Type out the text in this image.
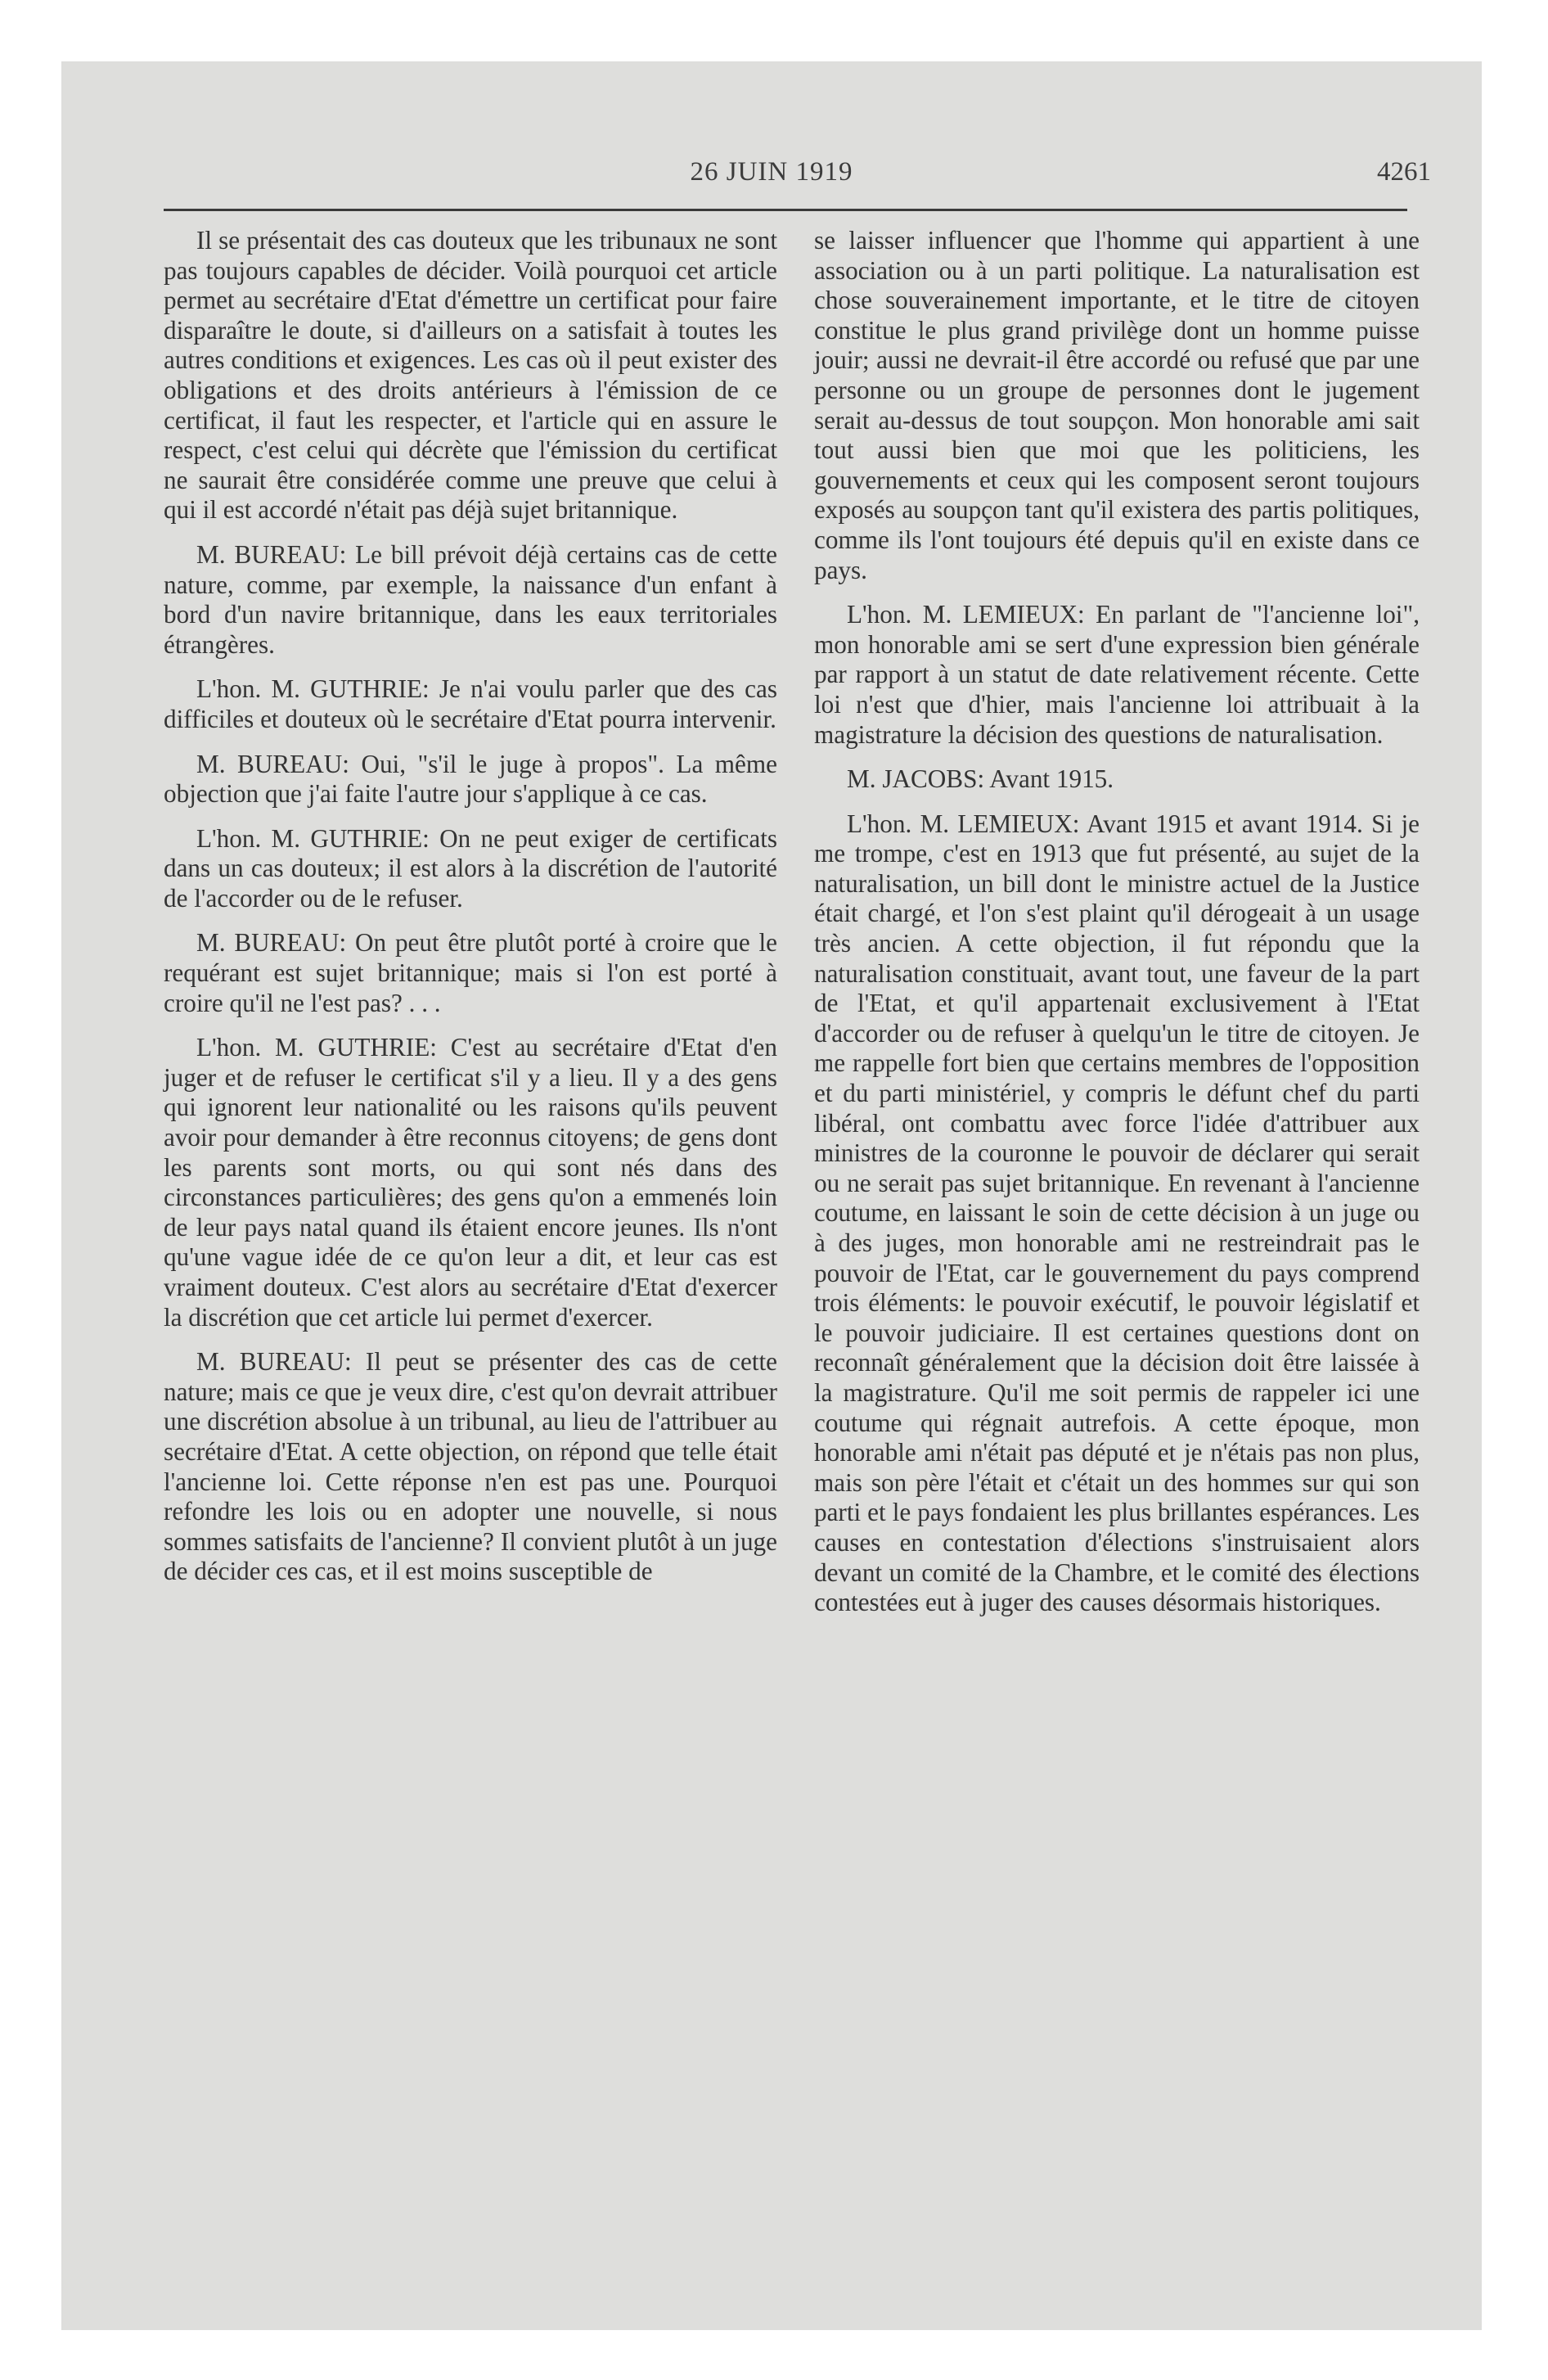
26 JUIN 1919	4261

Il se présentait des cas douteux que les tribunaux ne sont pas toujours capables de décider. Voilà pourquoi cet article permet au secrétaire d'Etat d'émettre un certificat pour faire disparaître le doute, si d'ailleurs on a satisfait à toutes les autres conditions et exigences. Les cas où il peut exister des obligations et des droits antérieurs à l'émission de ce certificat, il faut les respecter, et l'article qui en assure le respect, c'est celui qui décrète que l'émission du certificat ne saurait être considérée comme une preuve que celui à qui il est accordé n'était pas déjà sujet britannique.

M. BUREAU: Le bill prévoit déjà certains cas de cette nature, comme, par exemple, la naissance d'un enfant à bord d'un navire britannique, dans les eaux territoriales étrangères.

L'hon. M. GUTHRIE: Je n'ai voulu parler que des cas difficiles et douteux où le secrétaire d'Etat pourra intervenir.

M. BUREAU: Oui, "s'il le juge à propos". La même objection que j'ai faite l'autre jour s'applique à ce cas.

L'hon. M. GUTHRIE: On ne peut exiger de certificats dans un cas douteux; il est alors à la discrétion de l'autorité de l'accorder ou de le refuser.

M. BUREAU: On peut être plutôt porté à croire que le requérant est sujet britannique; mais si l'on est porté à croire qu'il ne l'est pas? . . .

L'hon. M. GUTHRIE: C'est au secrétaire d'Etat d'en juger et de refuser le certificat s'il y a lieu. Il y a des gens qui ignorent leur nationalité ou les raisons qu'ils peuvent avoir pour demander à être reconnus citoyens; de gens dont les parents sont morts, ou qui sont nés dans des circonstances particulières; des gens qu'on a emmenés loin de leur pays natal quand ils étaient encore jeunes. Ils n'ont qu'une vague idée de ce qu'on leur a dit, et leur cas est vraiment douteux. C'est alors au secrétaire d'Etat d'exercer la discrétion que cet article lui permet d'exercer.

M. BUREAU: Il peut se présenter des cas de cette nature; mais ce que je veux dire, c'est qu'on devrait attribuer une discrétion absolue à un tribunal, au lieu de l'attribuer au secrétaire d'Etat. A cette objection, on répond que telle était l'ancienne loi. Cette réponse n'en est pas une. Pourquoi refondre les lois ou en adopter une nouvelle, si nous sommes satisfaits de l'ancienne? Il convient plutôt à un juge de décider ces cas, et il est moins susceptible de

se laisser influencer que l'homme qui appartient à une association ou à un parti politique. La naturalisation est chose souverainement importante, et le titre de citoyen constitue le plus grand privilège dont un homme puisse jouir; aussi ne devrait-il être accordé ou refusé que par une personne ou un groupe de personnes dont le jugement serait au-dessus de tout soupçon. Mon honorable ami sait tout aussi bien que moi que les politiciens, les gouvernements et ceux qui les composent seront toujours exposés au soupçon tant qu'il existera des partis politiques, comme ils l'ont toujours été depuis qu'il en existe dans ce pays.

L'hon. M. LEMIEUX: En parlant de "l'ancienne loi", mon honorable ami se sert d'une expression bien générale par rapport à un statut de date relativement récente. Cette loi n'est que d'hier, mais l'ancienne loi attribuait à la magistrature la décision des questions de naturalisation.

M. JACOBS: Avant 1915.

L'hon. M. LEMIEUX: Avant 1915 et avant 1914. Si je me trompe, c'est en 1913 que fut présenté, au sujet de la naturalisation, un bill dont le ministre actuel de la Justice était chargé, et l'on s'est plaint qu'il dérogeait à un usage très ancien. A cette objection, il fut répondu que la naturalisation constituait, avant tout, une faveur de la part de l'Etat, et qu'il appartenait exclusivement à l'Etat d'accorder ou de refuser à quelqu'un le titre de citoyen. Je me rappelle fort bien que certains membres de l'opposition et du parti ministériel, y compris le défunt chef du parti libéral, ont combattu avec force l'idée d'attribuer aux ministres de la couronne le pouvoir de déclarer qui serait ou ne serait pas sujet britannique. En revenant à l'ancienne coutume, en laissant le soin de cette décision à un juge ou à des juges, mon honorable ami ne restreindrait pas le pouvoir de l'Etat, car le gouvernement du pays comprend trois éléments: le pouvoir exécutif, le pouvoir législatif et le pouvoir judiciaire. Il est certaines questions dont on reconnaît généralement que la décision doit être laissée à la magistrature. Qu'il me soit permis de rappeler ici une coutume qui régnait autrefois. A cette époque, mon honorable ami n'était pas député et je n'étais pas non plus, mais son père l'était et c'était un des hommes sur qui son parti et le pays fondaient les plus brillantes espérances. Les causes en contestation d'élections s'instruisaient alors devant un comité de la Chambre, et le comité des élections contestées eut à juger des causes désormais historiques.
